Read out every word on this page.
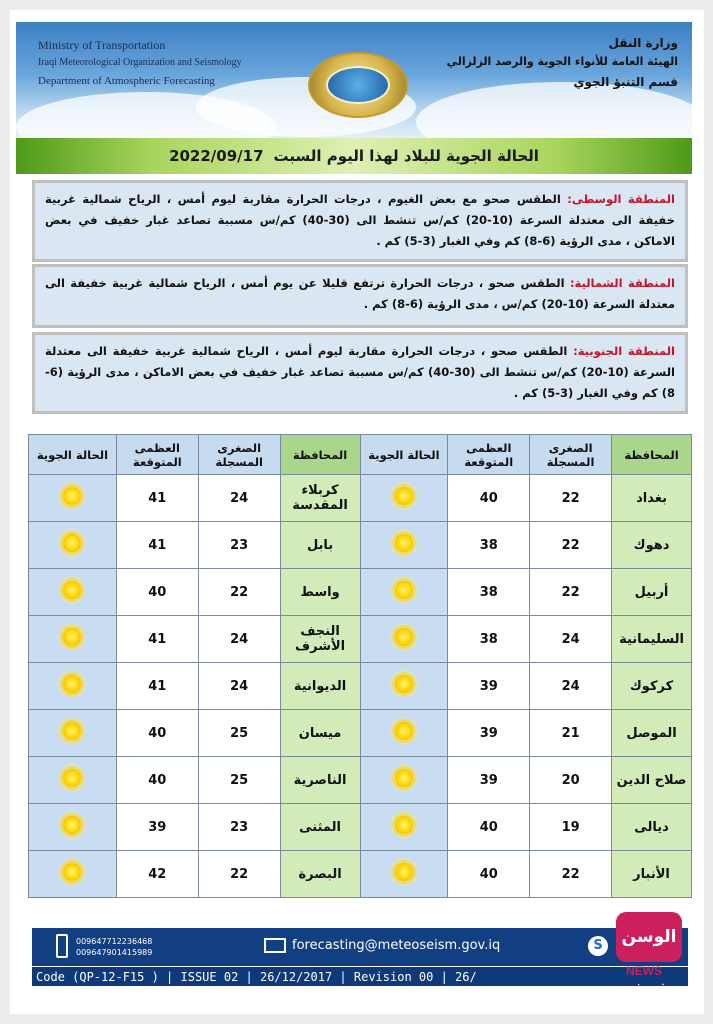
Ministry of Transportation
Iraqi Meteorological Organization and Seismology
Department of Atmospheric Forecasting
وزارة النقل
الهيئة العامة للأنواء الجوية والرصد الزلزالي
قسم التنبؤ الجوي
الحالة الجوية للبلاد لهذا اليوم السبت
2022/09/17
المنطقة الوسطى: الطقس صحو مع بعض الغيوم ، درجات الحرارة مقاربة ليوم أمس ، الرياح شمالية غربية خفيفة الى معتدلة السرعة (10-20) كم/س تنشط الى (30-40) كم/س مسببة تصاعد غبار خفيف في بعض الاماكن ، مدى الرؤية (6-8) كم وفي الغبار (3-5) كم .
المنطقة الشمالية: الطقس صحو ، درجات الحرارة ترتفع قليلا عن يوم أمس ، الرياح شمالية غربية خفيفة الى معتدلة السرعة (10-20) كم/س ، مدى الرؤية (6-8) كم .
المنطقة الجنوبية: الطقس صحو ، درجات الحرارة مقاربة ليوم أمس ، الرياح شمالية غربية خفيفة الى معتدلة السرعة (10-20) كم/س تنشط الى (30-40) كم/س مسببة تصاعد غبار خفيف في بعض الاماكن ، مدى الرؤية (6-8) كم وفي الغبار (3-5) كم .
المحافظة	الصغرى المسجلة	العظمى المتوقعة	الحالة الجوية	المحافظة	الصغرى المسجلة	العظمى المتوقعة	الحالة الجوية
بغداد	22	40		كربلاء المقدسة	24	41	
دهوك	22	38		بابل	23	41	
أربيل	22	38		واسط	22	40	
السليمانية	24	38		النجف الأشرف	24	41	
كركوك	24	39		الديوانية	24	41	
الموصل	21	39		ميسان	25	40	
صلاح الدين	20	39		الناصرية	25	40	
ديالى	19	40		المثنى	23	39	
الأنبار	22	40		البصرة	22	42	
009647712236468
009647901415989	forecasting@meteoseism.gov.iq	S
Code (QP-12-F15 ) | ISSUE 02 | 26/12/2017 | Revision 00 | 26/
الوسن نيوز
NEWS
